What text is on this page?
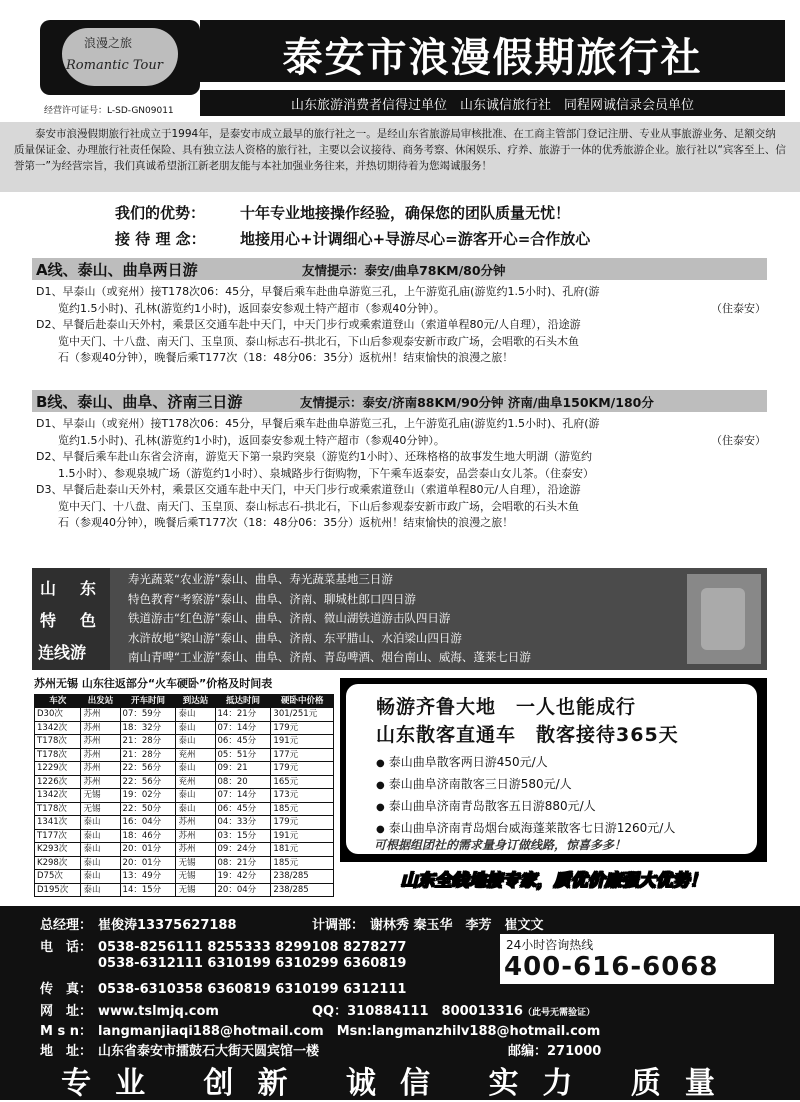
浪漫之旅
Romantic Tour
经营许可证号：L-SD-GN09011
泰安市浪漫假期旅行社
山东旅游消费者信得过单位　山东诚信旅行社　同程网诚信录会员单位

泰安市浪漫假期旅行社成立于1994年，是泰安市成立最早的旅行社之一。是经山东省旅游局审核批准、在工商主管部门登记注册、专业从事旅游业务、足额交纳质量保证金、办理旅行社责任保险、具有独立法人资格的旅行社，主要以会议接待、商务考察、休闲娱乐、疗养、旅游于一体的优秀旅游企业。旅行社以“宾客至上、信誉第一”为经营宗旨，我们真诚希望浙江新老朋友能与本社加强业务往来，并热切期待着为您竭诚服务！

我们的优势： 十年专业地接操作经验，确保您的团队质量无忧！
接 待 理 念： 地接用心+计调细心+导游尽心=游客开心=合作放心
A线、泰山、曲阜两日游	友情提示：泰安/曲阜78KM/80分钟
D1、早泰山（或兖州）接T178次06：45分，早餐后乘车赴曲阜游览三孔，上午游览孔庙(游览约1.5小时)、孔府(游
览约1.5小时)、孔林(游览约1小时)，返回泰安参观土特产超市（参观40分钟）。	（住泰安）
D2、早餐后赴泰山天外村，乘景区交通车赴中天门，中天门步行或乘索道登山（索道单程80元/人自理），沿途游
览中天门、十八盘、南天门、玉皇顶、泰山标志石-拱北石，下山后参观泰安新市政广场，会唱歌的石头木鱼
石（参观40分钟），晚餐后乘T177次（18：48分06：35分）返杭州！结束愉快的浪漫之旅！
B线、泰山、曲阜、济南三日游	友情提示：泰安/济南88KM/90分钟 济南/曲阜150KM/180分
D1、早泰山（或兖州）接T178次06：45分，早餐后乘车赴曲阜游览三孔，上午游览孔庙(游览约1.5小时)、孔府(游
览约1.5小时)、孔林(游览约1小时)，返回泰安参观土特产超市（参观40分钟）。	（住泰安）
D2、早餐后乘车赴山东省会济南，游览天下第一泉趵突泉（游览约1小时）、还珠格格的故事发生地大明湖（游览约
1.5小时）、参观泉城广场（游览约1小时）、泉城路步行街购物，下午乘车返泰安，品尝泰山女儿茶。（住泰安）
D3、早餐后赴泰山天外村，乘景区交通车赴中天门，中天门步行或乘索道登山（索道单程80元/人自理），沿途游
览中天门、十八盘、南天门、玉皇顶、泰山标志石-拱北石，下山后参观泰安新市政广场，会唱歌的石头木鱼
石（参观40分钟），晚餐后乘T177次（18：48分06：35分）返杭州！结束愉快的浪漫之旅！
山 东
特 色
连线游
寿光蔬菜“农业游”泰山、曲阜、寿光蔬菜基地三日游
特色教育“考察游”泰山、曲阜、济南、聊城杜郎口四日游
铁道游击“红色游”泰山、曲阜、济南、微山湖铁道游击队四日游
水浒故地“梁山游”泰山、曲阜、济南、东平腊山、水泊梁山四日游
南山青啤“工业游”泰山、曲阜、济南、青岛啤酒、烟台南山、威海、蓬莱七日游
苏州无锡 山东往返部分“火车硬卧”价格及时间表
车次	出发站	开车时间	到达站	抵达时间	硬卧中价格
D30次	苏州	07：59分	泰山	14：21分	301/251元
1342次	苏州	18：32分	泰山	07：14分	179元
T178次	苏州	21：28分	泰山	06：45分	191元
T178次	苏州	21：28分	兖州	05：51分	177元
1229次	苏州	22：56分	泰山	09：21	179元
1226次	苏州	22：56分	兖州	08：20	165元
1342次	无锡	19：02分	泰山	07：14分	173元
T178次	无锡	22：50分	泰山	06：45分	185元
1341次	泰山	16：04分	苏州	04：33分	179元
T177次	泰山	18：46分	苏州	03：15分	191元
K293次	泰山	20：01分	苏州	09：24分	181元
K298次	泰山	20：01分	无锡	08：21分	185元
D75次	泰山	13：49分	无锡	19：42分	238/285
D195次	泰山	14：15分	无锡	20：04分	238/285
畅游齐鲁大地　一人也能成行
山东散客直通车　散客接待365天
● 泰山曲阜散客两日游450元/人
● 泰山曲阜济南散客三日游580元/人
● 泰山曲阜济南青岛散客五日游880元/人
● 泰山曲阜济南青岛烟台威海蓬莱散客七日游1260元/人
可根据组团社的需求量身订做线路，惊喜多多！
山东全线地接专家，质优价廉强大优势！
总经理： 崔俊涛13375627188	计调部： 谢林秀 秦玉华　李芳　崔文文
电　话： 0538-8256111 8255333 8299108 8278277
0538-6312111 6310199 6310299 6360819
传　真： 0538-6310358 6360819 6310199 6312111
网　址： www.tslmjq.com	QQ：310884111　800013316（此号无需验证）
M s n： langmanjiaqi188@hotmail.com　Msn:langmanzhilv188@hotmail.com
地　址： 山东省泰安市擂鼓石大街天圆宾馆一楼	邮编：271000
24小时咨询热线
400-616-6068
专业 创新 诚信 实力 质量
